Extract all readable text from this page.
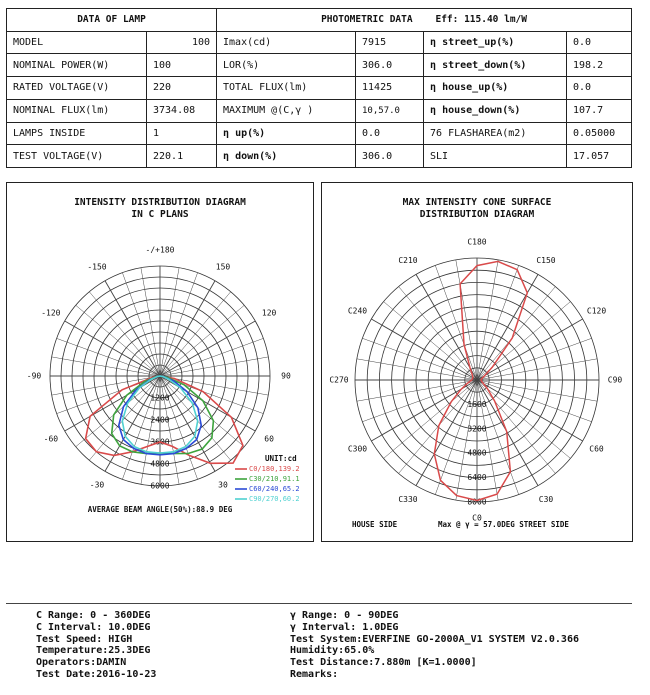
DATA OF LAMP		PHOTOMETRIC DATA Eff: 115.40 lm/W			
MODEL	100	Imax(cd)	7915	η street_up(%)	0.0
NOMINAL POWER(W)	100	LOR(%)	306.0	η street_down(%)	198.2
RATED VOLTAGE(V)	220	TOTAL FLUX(lm)	11425	η house_up(%)	0.0
NOMINAL FLUX(lm)	3734.08	MAXIMUM @(C,γ )	10,57.0	η house_down(%)	107.7
LAMPS INSIDE	1	η up(%)	0.0	76 FLASHAREA(m2)	0.05000
TEST VOLTAGE(V)	220.1	η down(%)	306.0	SLI	17.057
INTENSITY DISTRIBUTION DIAGRAM
IN C PLANS
-/+180
150
120
90
60
30
-30
-60
-90
-120
-150
1200
2400
3600
4800
6000
UNIT:cd
C0/180,139.2
C30/210,91.1
C60/240,65.2
C90/270,60.2
AVERAGE BEAM ANGLE(50%):88.9 DEG
MAX INTENSITY CONE SURFACE
DISTRIBUTION DIAGRAM
C180
C150
C120
C90
C60
C30
C0
C330
C300
C270
C240
C210
1600
3200
4800
6400
8000
HOUSE SIDE	Max @ γ = 57.0DEG STREET SIDE
C Range: 0 - 360DEG
C Interval: 10.0DEG
Test Speed: HIGH
Temperature:25.3DEG
Operators:DAMIN
Test Date:2016-10-23
γ Range: 0 - 90DEG
γ Interval: 1.0DEG
Test System:EVERFINE GO-2000A_V1 SYSTEM V2.0.366
Humidity:65.0%
Test Distance:7.880m [K=1.0000]
Remarks:
